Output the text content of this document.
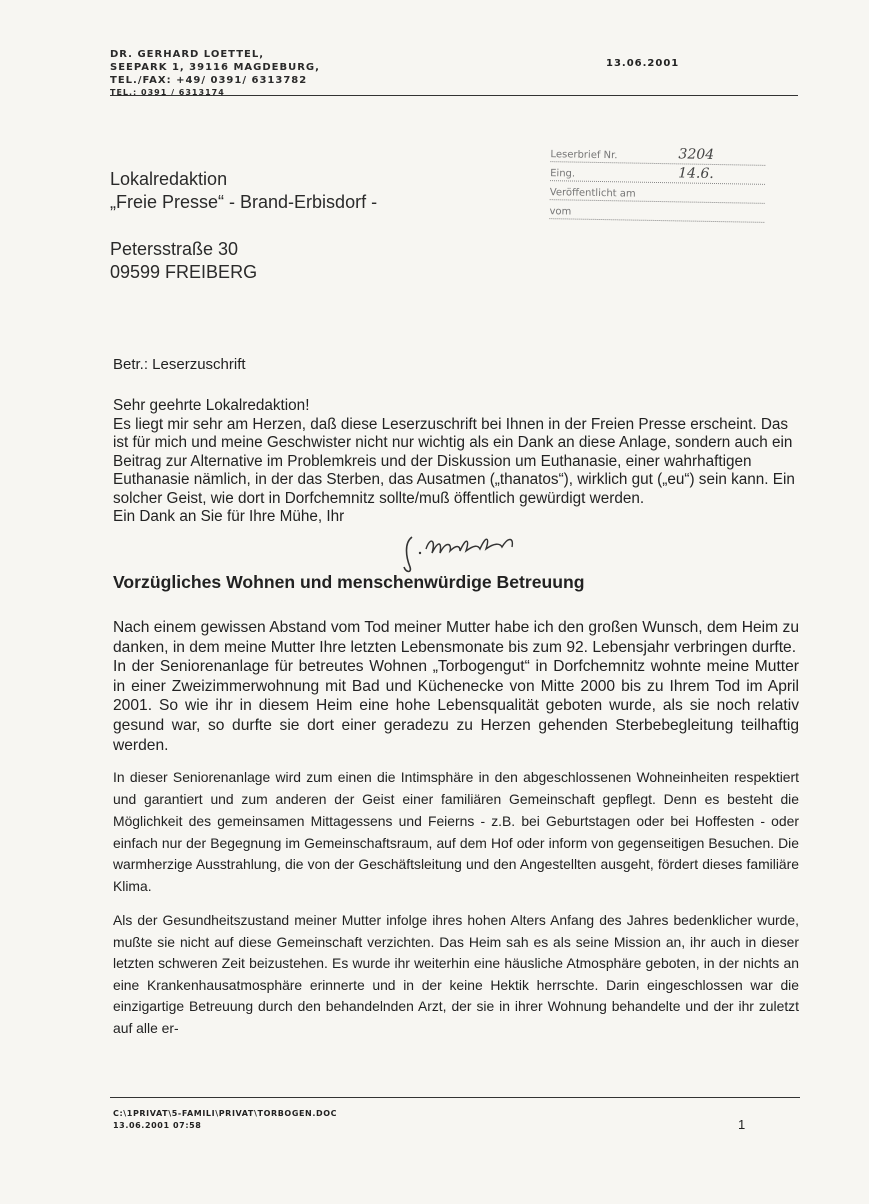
DR. GERHARD LOETTEL,
SEEPARK 1, 39116 MAGDEBURG,
TEL./FAX: +49/ 0391/ 6313782
TEL.: 0391 / 6313174
13.06.2001
Leserbrief Nr.	3204
Eing.	14.6.
Veröffentlicht am
vom
Lokalredaktion
„Freie Presse“ - Brand-Erbisdorf -
Petersstraße 30
09599 FREIBERG
Betr.: Leserzuschrift

Sehr geehrte Lokalredaktion!

Es liegt mir sehr am Herzen, daß diese Leserzuschrift bei Ihnen in der Freien Presse erscheint. Das ist für mich und meine Geschwister nicht nur wichtig als ein Dank an diese Anlage, sondern auch ein Beitrag zur Alternative im Problemkreis und der Diskussion um Euthanasie, einer wahrhaftigen Euthanasie nämlich, in der das Sterben, das Ausatmen („thanatos“), wirklich gut („eu“) sein kann. Ein solcher Geist, wie dort in Dorfchemnitz sollte/muß öffentlich gewürdigt werden.

Ein Dank an Sie für Ihre Mühe, Ihr

Vorzügliches Wohnen und menschenwürdige Betreuung

Nach einem gewissen Abstand vom Tod meiner Mutter habe ich den großen Wunsch, dem Heim zu danken, in dem meine Mutter Ihre letzten Lebensmonate bis zum 92. Lebensjahr verbringen durfte.

In der Seniorenanlage für betreutes Wohnen „Torbogengut“ in Dorfchemnitz wohnte meine Mutter in einer Zweizimmerwohnung mit Bad und Küchenecke von Mitte 2000 bis zu Ihrem Tod im April 2001. So wie ihr in diesem Heim eine hohe Lebensqualität geboten wurde, als sie noch relativ gesund war, so durfte sie dort einer geradezu zu Herzen gehenden Sterbebegleitung teilhaftig werden.

In dieser Seniorenanlage wird zum einen die Intimsphäre in den abgeschlossenen Wohneinheiten respektiert und garantiert und zum anderen der Geist einer familiären Gemeinschaft gepflegt. Denn es besteht die Möglichkeit des gemeinsamen Mittagessens und Feierns - z.B. bei Geburtstagen oder bei Hoffesten - oder einfach nur der Begegnung im Gemeinschaftsraum, auf dem Hof oder inform von gegenseitigen Besuchen. Die warmherzige Ausstrahlung, die von der Geschäftsleitung und den Angestellten ausgeht, fördert dieses familiäre Klima.

Als der Gesundheitszustand meiner Mutter infolge ihres hohen Alters Anfang des Jahres bedenklicher wurde, mußte sie nicht auf diese Gemeinschaft verzichten. Das Heim sah es als seine Mission an, ihr auch in dieser letzten schweren Zeit beizustehen. Es wurde ihr weiterhin eine häusliche Atmosphäre geboten, in der nichts an eine Krankenhausatmosphäre erinnerte und in der keine Hektik herrschte. Darin eingeschlossen war die einzigartige Betreuung durch den behandelnden Arzt, der sie in ihrer Wohnung behandelte und der ihr zuletzt auf alle er-

C:\1PRIVAT\5-FAMILI\PRIVAT\TORBOGEN.DOC
13.06.2001 07:58	1
